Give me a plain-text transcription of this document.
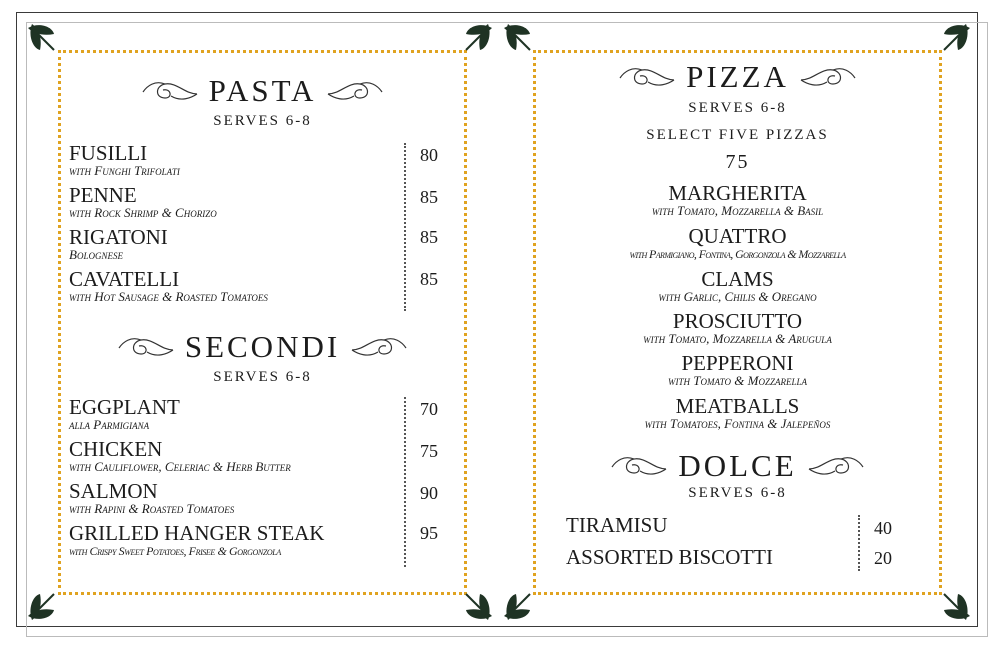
PASTA
SERVES 6-8
FUSILLI
with Funghi Trifolati
PENNE
with Rock Shrimp & Chorizo
RIGATONI
Bolognese
CAVATELLI
with Hot Sausage & Roasted Tomatoes
80
85
85
85
SECONDI
SERVES 6-8
EGGPLANT
alla Parmigiana
CHICKEN
with Cauliflower, Celeriac & Herb Butter
SALMON
with Rapini & Roasted Tomatoes
GRILLED HANGER STEAK
with Crispy Sweet Potatoes, Frisee & Gorgonzola
70
75
90
95
PIZZA
SERVES 6-8
SELECT FIVE PIZZAS
75
MARGHERITA
with Tomato, Mozzarella & Basil
QUATTRO
with Parmigiano, Fontina, Gorgonzola & Mozzarella
CLAMS
with Garlic, Chilis & Oregano
PROSCIUTTO
with Tomato, Mozzarella & Arugula
PEPPERONI
with Tomato & Mozzarella
MEATBALLS
with Tomatoes, Fontina & Jalepeños
DOLCE
SERVES 6-8
TIRAMISU
ASSORTED BISCOTTI
40
20
